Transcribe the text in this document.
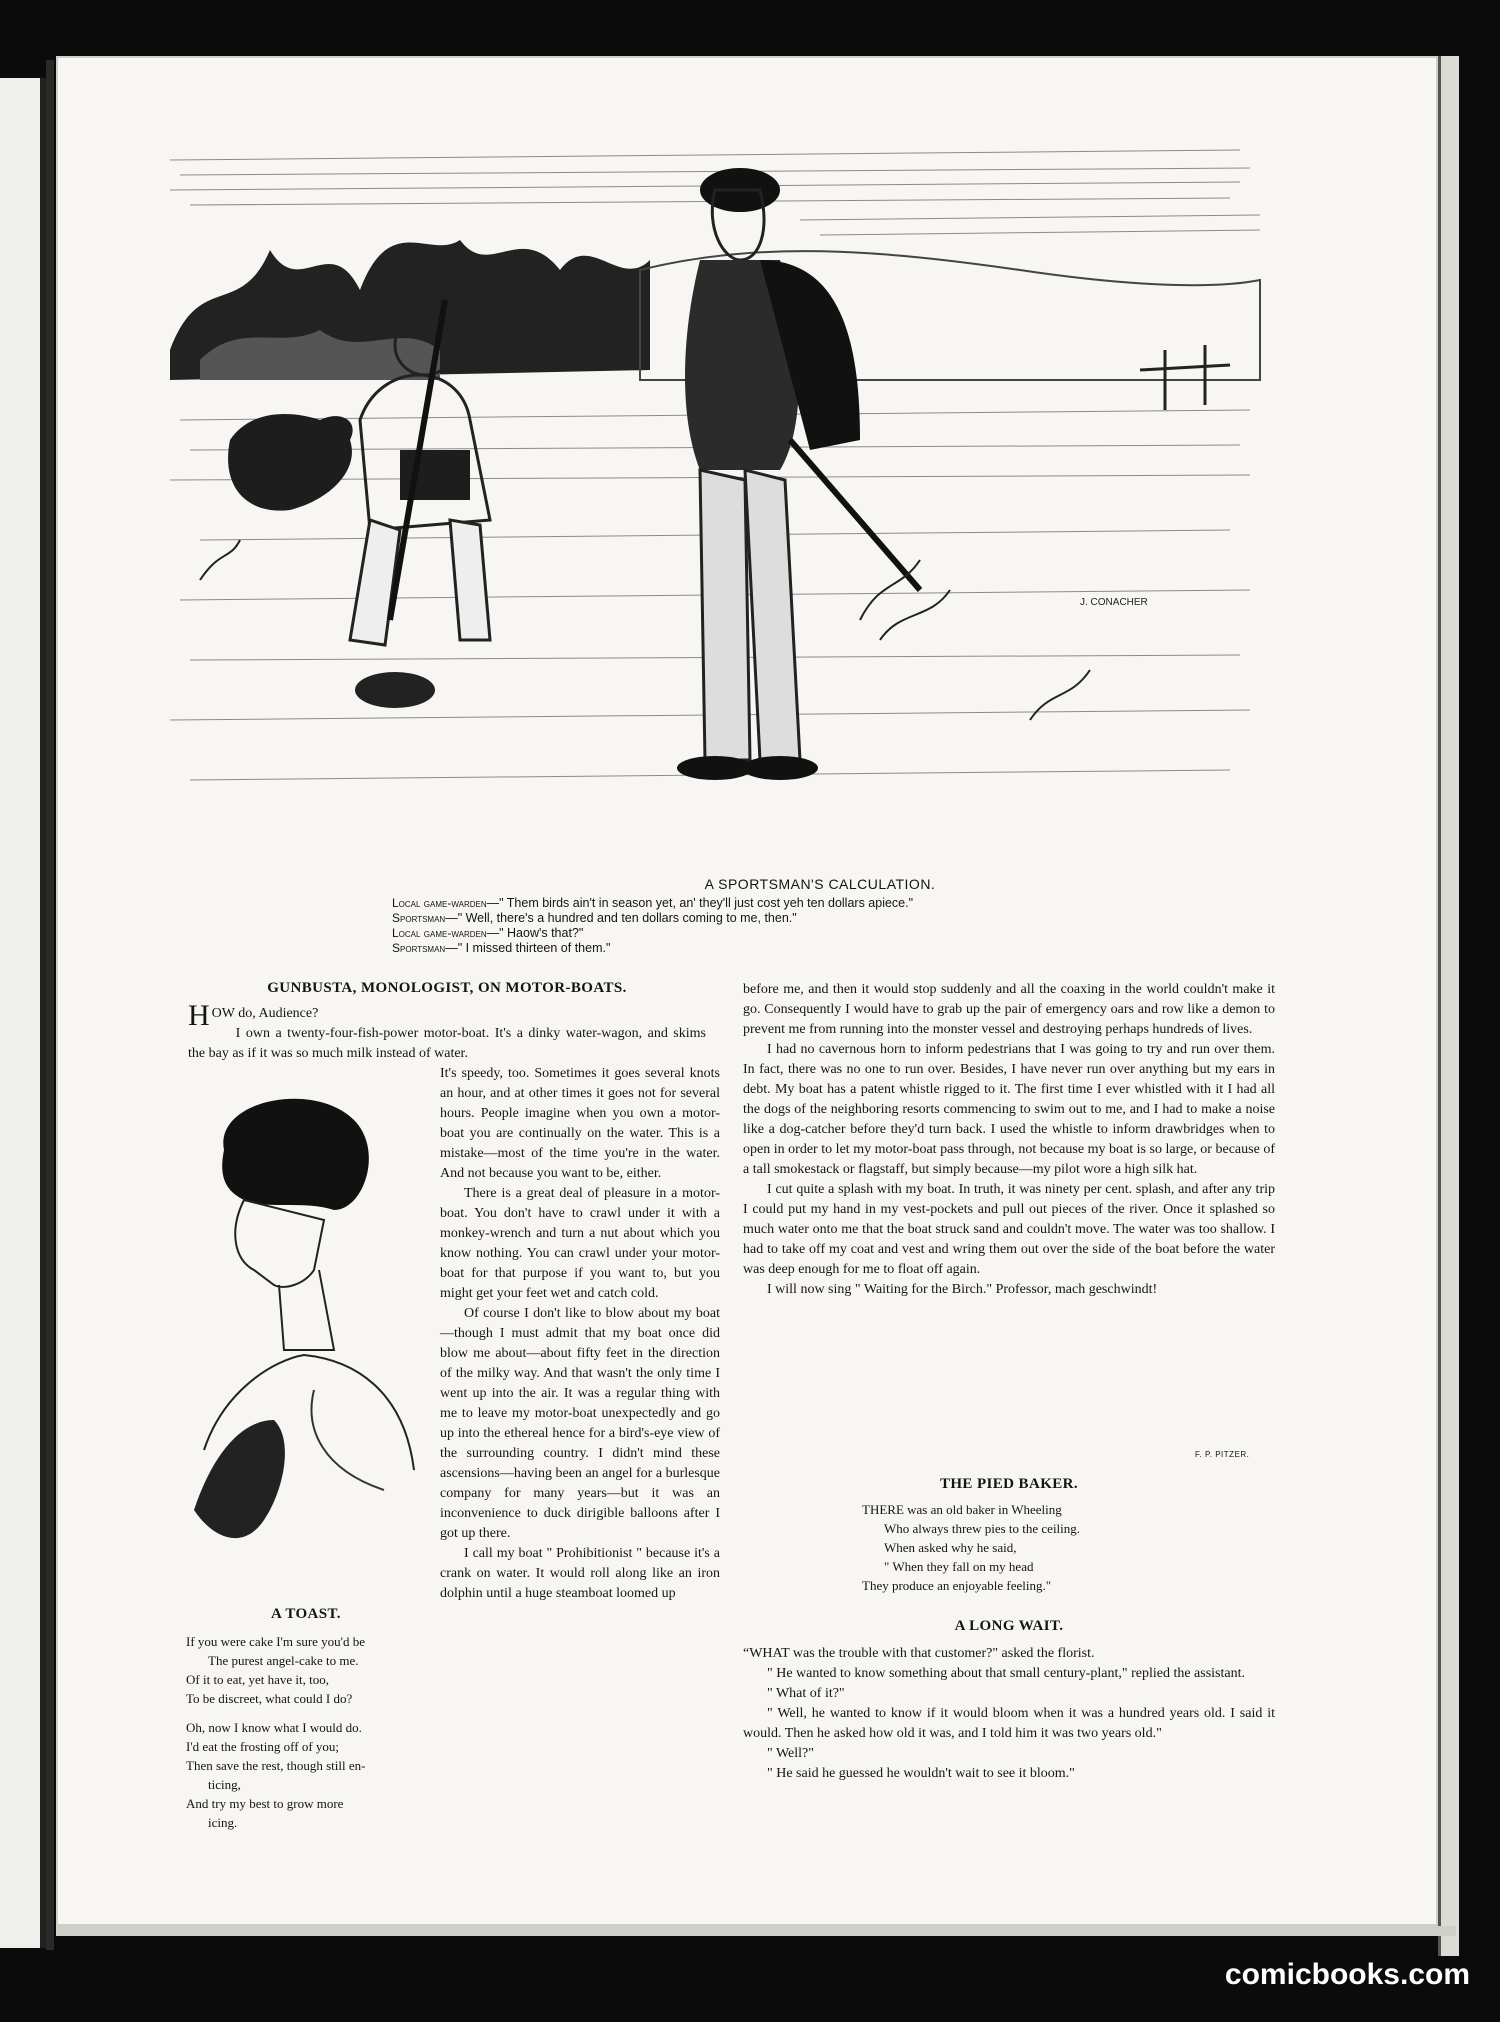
J. CONACHER
A SPORTSMAN'S CALCULATION.
Local game-warden—" Them birds ain't in season yet, an' they'll just cost yeh ten dollars apiece."
Sportsman—" Well, there's a hundred and ten dollars coming to me, then."
Local game-warden—" Haow's that?"
Sportsman—" I missed thirteen of them."
GUNBUSTA, MONOLOGIST, ON MOTOR-BOATS.

HOW do, Audience?

I own a twenty-four-fish-power motor-boat. It's a dinky water-wagon, and skims the bay as if it was so much milk instead of water.

It's speedy, too. Sometimes it goes several knots an hour, and at other times it goes not for several hours. People imagine when you own a motor-boat you are continually on the water. This is a mistake—most of the time you're in the water. And not because you want to be, either.

There is a great deal of pleasure in a motor-boat. You don't have to crawl under it with a monkey-wrench and turn a nut about which you know nothing. You can crawl under your motor-boat for that purpose if you want to, but you might get your feet wet and catch cold.

Of course I don't like to blow about my boat—though I must admit that my boat once did blow me about—about fifty feet in the direction of the milky way. And that wasn't the only time I went up into the air. It was a regular thing with me to leave my motor-boat unexpectedly and go up into the ethereal hence for a bird's-eye view of the surrounding country. I didn't mind these ascensions—having been an angel for a burlesque company for many years—but it was an inconvenience to duck dirigible balloons after I got up there.

I call my boat " Prohibitionist " because it's a crank on water. It would roll along like an iron dolphin until a huge steamboat loomed up

before me, and then it would stop suddenly and all the coaxing in the world couldn't make it go. Consequently I would have to grab up the pair of emergency oars and row like a demon to prevent me from running into the monster vessel and destroying perhaps hundreds of lives.

I had no cavernous horn to inform pedestrians that I was going to try and run over them. In fact, there was no one to run over. Besides, I have never run over anything but my ears in debt. My boat has a patent whistle rigged to it. The first time I ever whistled with it I had all the dogs of the neighboring resorts commencing to swim out to me, and I had to make a noise like a dog-catcher before they'd turn back. I used the whistle to inform drawbridges when to open in order to let my motor-boat pass through, not because my boat is so large, or because of a tall smokestack or flagstaff, but simply because—my pilot wore a high silk hat.

I cut quite a splash with my boat. In truth, it was ninety per cent. splash, and after any trip I could put my hand in my vest-pockets and pull out pieces of the river. Once it splashed so much water onto me that the boat struck sand and couldn't move. The water was too shallow. I had to take off my coat and vest and wring them out over the side of the boat before the water was deep enough for me to float off again.

I will now sing " Waiting for the Birch." Professor, mach geschwindt!

F. P. PITZER.
A TOAST.
If you were cake I'm sure you'd be
The purest angel-cake to me.
Of it to eat, yet have it, too,
To be discreet, what could I do?
Oh, now I know what I would do.
I'd eat the frosting off of you;
Then save the rest, though still en-
ticing,
And try my best to grow more
icing.
THE PIED BAKER.
THERE was an old baker in Wheeling
Who always threw pies to the ceiling.
When asked why he said,
" When they fall on my head
They produce an enjoyable feeling."
A LONG WAIT.

“WHAT was the trouble with that customer?" asked the florist.

" He wanted to know something about that small century-plant," replied the assistant.

" What of it?"

" Well, he wanted to know if it would bloom when it was a hundred years old. I said it would. Then he asked how old it was, and I told him it was two years old."

" Well?"

" He said he guessed he wouldn't wait to see it bloom."

comicbooks.com
